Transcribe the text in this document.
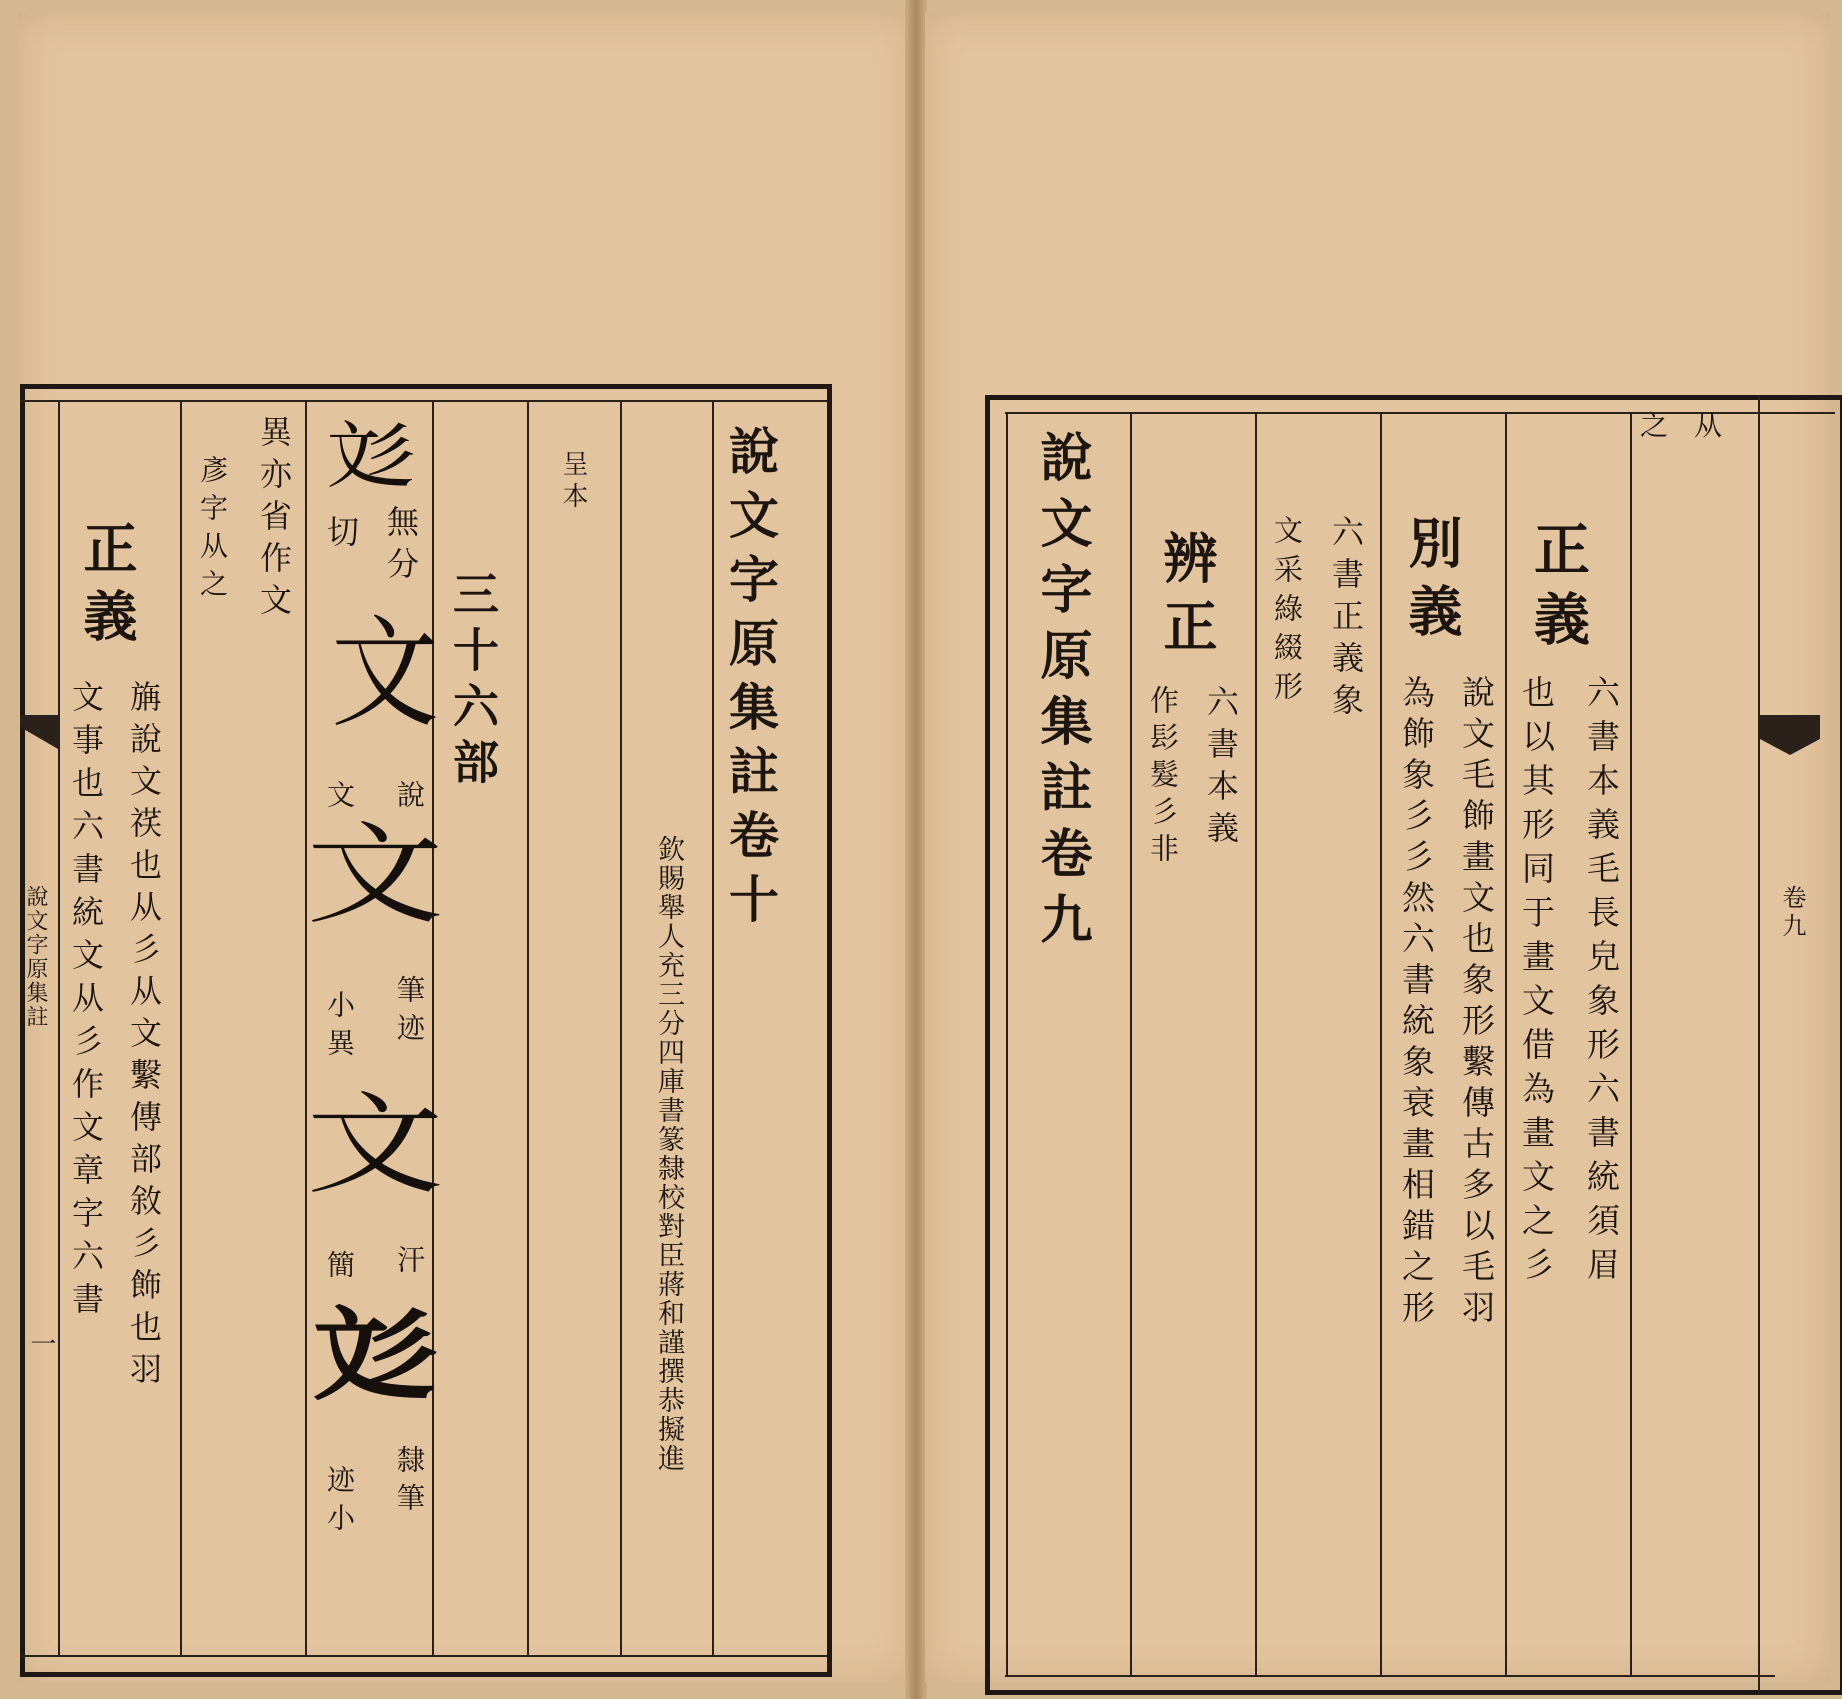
說文字原集註卷十
呈本
欽賜舉人充三分四庫書篆隸校對臣蔣和謹撰恭擬進
三十六部
無分
切
彣
文
說
文
文
筆迹
小異
文
汗
簡
彣
隸筆
迹小
異亦省作文
彥字从之
正義
㫋說文䄏也从彡从文繫傳部敘彡飾也羽
文事也六書統文从彡作文章字六書
說文字原集註
一
之从
正義
六書本義毛長皃象形六書統須眉
也以其形同于畫文借為畫文之彡
別義
說文毛飾畫文也象形繫傳古多以毛羽
為飾象彡彡然六書統象衰畫相錯之形
六書正義象
文采綠綴形
辨正
六書本義
作髟髮彡非
說文字原集註卷九	卷九
